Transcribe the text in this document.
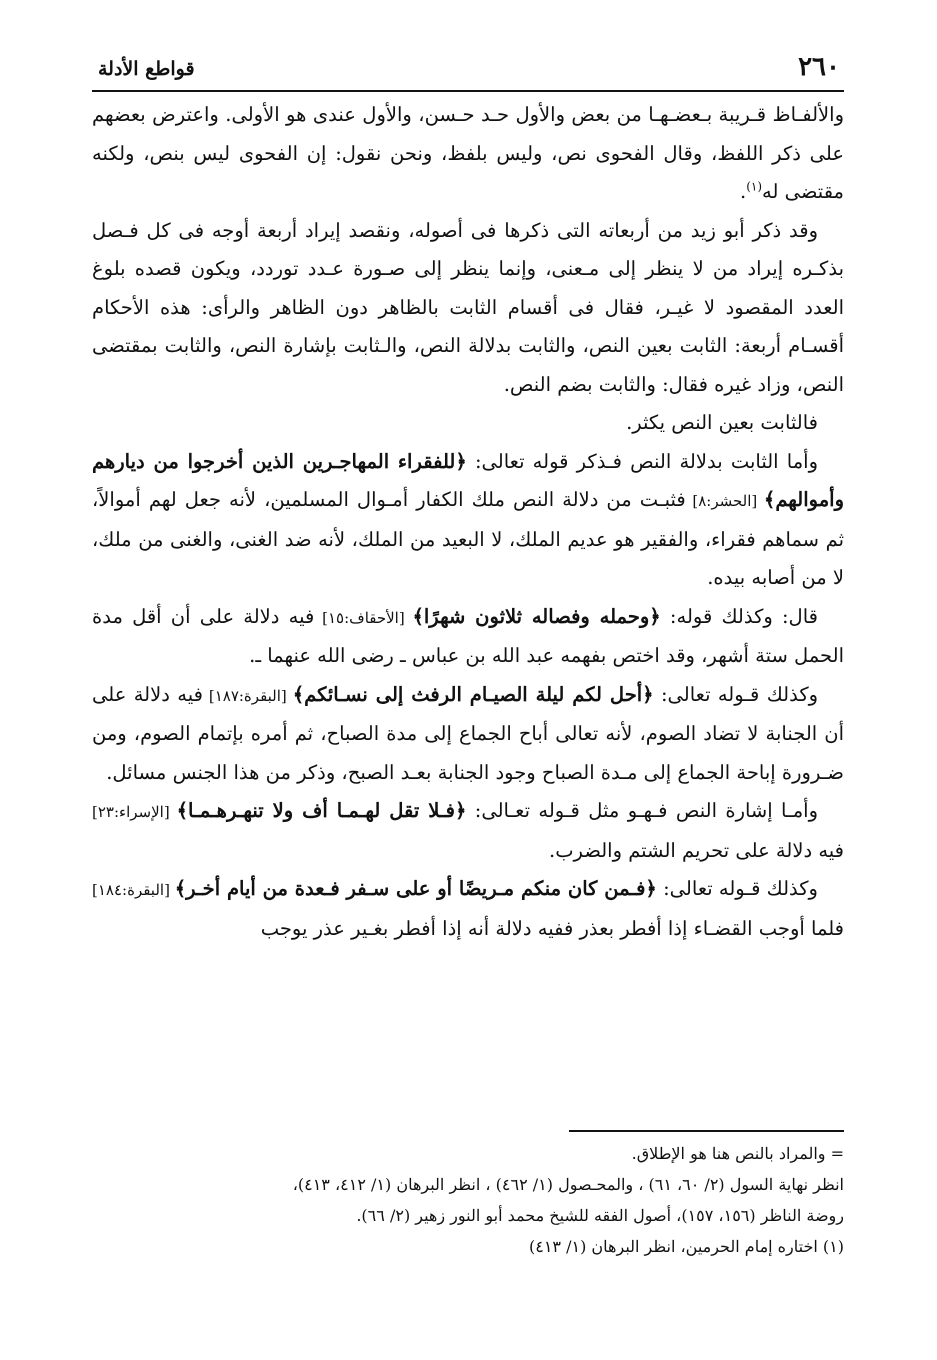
٢٦٠
قواطع الأدلة

والألفـاظ قـريبة بـعضـهـا من بعض والأول حـد حـسن، والأول عندى هو الأولى. واعترض بعضهم على ذكر اللفظ، وقال الفحوى نص، وليس بلفظ، ونحن نقول: إن الفحوى ليس بنص، ولكنه مقتضى له$^{(١)}$.

وقد ذكر أبو زيد من أربعاته التى ذكرها فى أصوله، ونقصد إيراد أربعة أوجه فى كل فـصل بذكـره إيراد من لا ينظر إلى مـعنى، وإنما ينظر إلى صـورة عـدد توردد، ويكون قصده بلوغ العدد المقصود لا غيـر، فقال فى أقسام الثابت بالظاهر دون الظاهر والرأى: هذه الأحكام أقسـام أربعة: الثابت بعين النص، والثابت بدلالة النص، والـثابت بإشارة النص، والثابت بمقتضى النص، وزاد غيره فقال: والثابت بضم النص.

فالثابت بعين النص يكثر.

وأما الثابت بدلالة النص فـذكر قوله تعالى: ﴿للفقراء المهاجـرين الذين أخرجوا من ديارهم وأموالهم﴾ [الحشر:٨] فثبـت من دلالة النص ملك الكفار أمـوال المسلمين، لأنه جعل لهم أموالاً، ثم سماهم فقراء، والفقير هو عديم الملك، لا البعيد من الملك، لأنه ضد الغنى، والغنى من ملك، لا من أصابه بيده.

قال: وكذلك قوله: ﴿وحمله وفصاله ثلاثون شهرًا﴾ [الأحقاف:١٥] فيه دلالة على أن أقل مدة الحمل ستة أشهر، وقد اختص بفهمه عبد الله بن عباس ـ رضى الله عنهما ـ.

وكذلك قـوله تعالى: ﴿أحل لكم ليلة الصيـام الرفث إلى نسـائكم﴾ [البقرة:١٨٧] فيه دلالة على أن الجنابة لا تضاد الصوم، لأنه تعالى أباح الجماع إلى مدة الصباح، ثم أمره بإتمام الصوم، ومن ضـرورة إباحة الجماع إلى مـدة الصباح وجود الجنابة بعـد الصبح، وذكر من هذا الجنس مسائل.

وأمـا إشارة النص فـهـو مثل قـوله تعـالى: ﴿فـلا تقل لهـمـا أف ولا تنهـرهـمـا﴾ [الإسراء:٢٣] فيه دلالة على تحريم الشتم والضرب.

وكذلك قـوله تعالى: ﴿فـمن كان منكم مـريضًا أو على سـفر فـعدة من أيام أخـر﴾ [البقرة:١٨٤] فلما أوجب القضـاء إذا أفطر بعذر ففيه دلالة أنه إذا أفطر بغـير عذر يوجب

= والمراد بالنص هنا هو الإطلاق.

انظر نهاية السول (٢/ ٦٠، ٦١) ، والمحـصول (١/ ٤٦٢) ، انظر البرهان (١/ ٤١٢، ٤١٣)،

روضة الناظر (١٥٦، ١٥٧)، أصول الفقه للشيخ محمد أبو النور زهير (٢/ ٦٦).

(١) اختاره إمام الحرمين، انظر البرهان (١/ ٤١٣)
